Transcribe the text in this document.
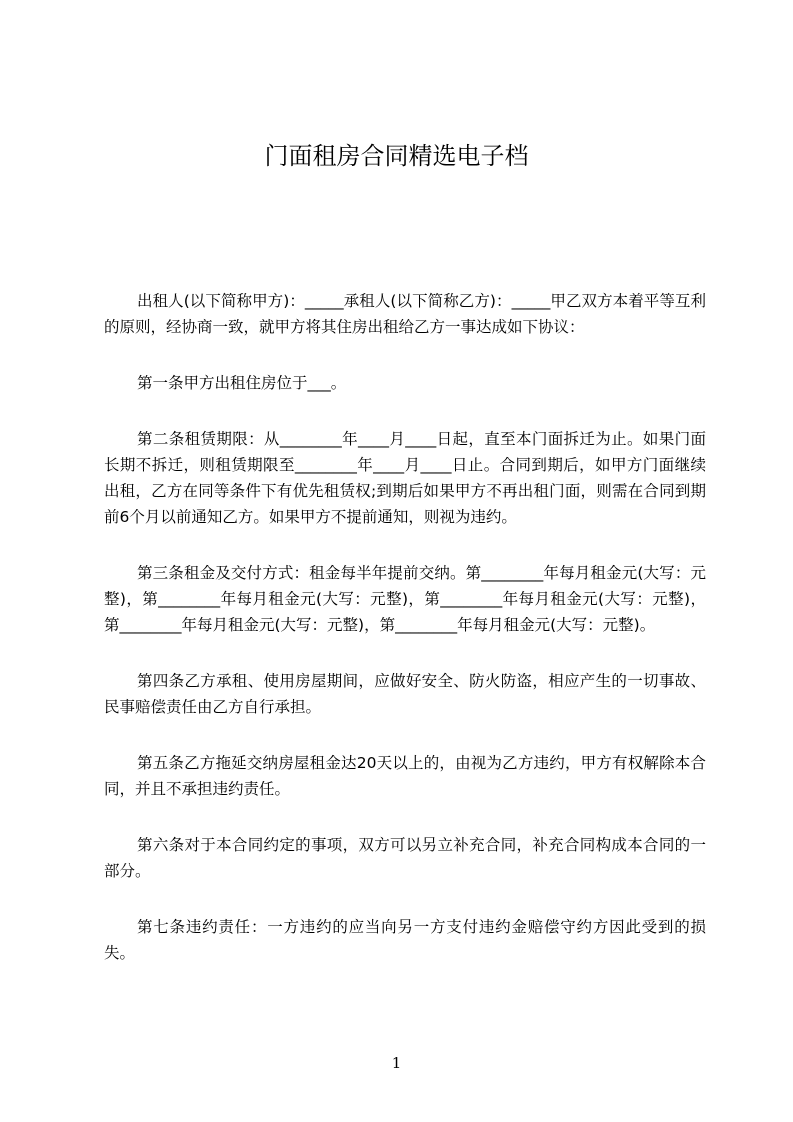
门面租房合同精选电子档

出租人(以下简称甲方)：_____承租人(以下简称乙方)：_____甲乙双方本着平等互利的原则，经协商一致，就甲方将其住房出租给乙方一事达成如下协议：

第一条甲方出租住房位于___。

第二条租赁期限：从________年____月____日起，直至本门面拆迁为止。如果门面长期不拆迁，则租赁期限至________年____月____日止。合同到期后，如甲方门面继续出租，乙方在同等条件下有优先租赁权;到期后如果甲方不再出租门面，则需在合同到期前6个月以前通知乙方。如果甲方不提前通知，则视为违约。

第三条租金及交付方式：租金每半年提前交纳。第________年每月租金元(大写：元整)，第________年每月租金元(大写：元整)，第________年每月租金元(大写：元整)，第________年每月租金元(大写：元整)，第________年每月租金元(大写：元整)。

第四条乙方承租、使用房屋期间，应做好安全、防火防盗，相应产生的一切事故、民事赔偿责任由乙方自行承担。

第五条乙方拖延交纳房屋租金达20天以上的，由视为乙方违约，甲方有权解除本合同，并且不承担违约责任。

第六条对于本合同约定的事项，双方可以另立补充合同，补充合同构成本合同的一部分。

第七条违约责任：一方违约的应当向另一方支付违约金赔偿守约方因此受到的损失。

1
